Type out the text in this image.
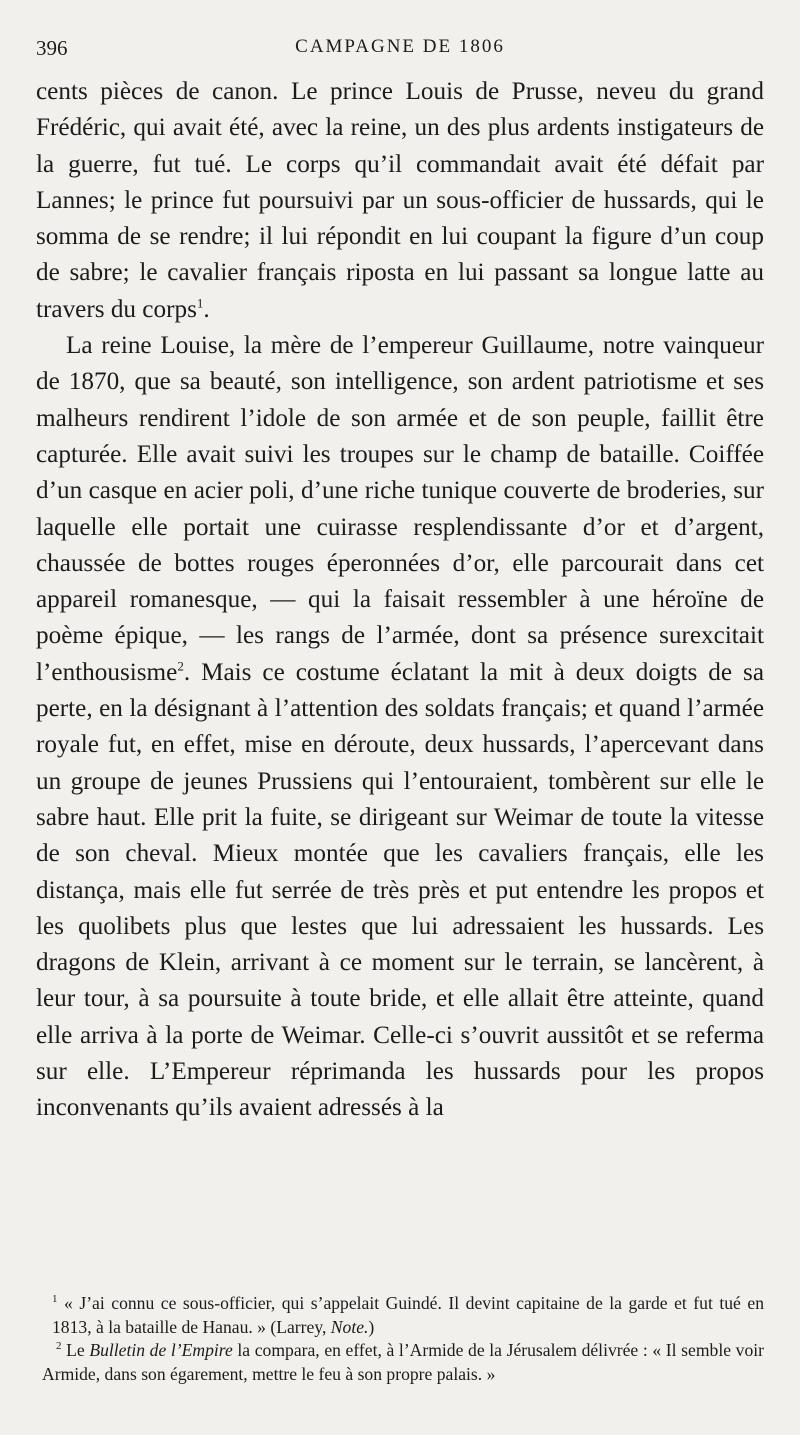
396	CAMPAGNE DE 1806

cents pièces de canon. Le prince Louis de Prusse, neveu du grand Frédéric, qui avait été, avec la reine, un des plus ardents instigateurs de la guerre, fut tué. Le corps qu’il commandait avait été défait par Lannes; le prince fut poursuivi par un sous-officier de hussards, qui le somma de se rendre; il lui répondit en lui coupant la figure d’un coup de sabre; le cavalier français riposta en lui passant sa longue latte au travers du corps$^1$.

La reine Louise, la mère de l’empereur Guillaume, notre vainqueur de 1870, que sa beauté, son intelligence, son ardent patriotisme et ses malheurs rendirent l’idole de son armée et de son peuple, faillit être capturée. Elle avait suivi les troupes sur le champ de bataille. Coiffée d’un casque en acier poli, d’une riche tunique couverte de broderies, sur laquelle elle portait une cuirasse resplendissante d’or et d’argent, chaussée de bottes rouges éperonnées d’or, elle parcourait dans cet appareil romanesque, — qui la faisait ressembler à une héroïne de poème épique, — les rangs de l’armée, dont sa présence surexcitait l’enthousisme$^2$. Mais ce costume éclatant la mit à deux doigts de sa perte, en la désignant à l’attention des soldats français; et quand l’armée royale fut, en effet, mise en déroute, deux hussards, l’apercevant dans un groupe de jeunes Prussiens qui l’entouraient, tombèrent sur elle le sabre haut. Elle prit la fuite, se dirigeant sur Weimar de toute la vitesse de son cheval. Mieux montée que les cavaliers français, elle les distança, mais elle fut serrée de très près et put entendre les propos et les quolibets plus que lestes que lui adressaient les hussards. Les dragons de Klein, arrivant à ce moment sur le terrain, se lancèrent, à leur tour, à sa poursuite à toute bride, et elle allait être atteinte, quand elle arriva à la porte de Weimar. Celle-ci s’ouvrit aussitôt et se referma sur elle. L’Empereur réprimanda les hussards pour les propos inconvenants qu’ils avaient adressés à la

$^1$ « J’ai connu ce sous-officier, qui s’appelait Guindé. Il devint capitaine de la garde et fut tué en 1813, à la bataille de Hanau. » (Larrey, Note.)

$^2$ Le Bulletin de l’Empire la compara, en effet, à l’Armide de la Jérusalem délivrée : « Il semble voir Armide, dans son égarement, mettre le feu à son propre palais. »
